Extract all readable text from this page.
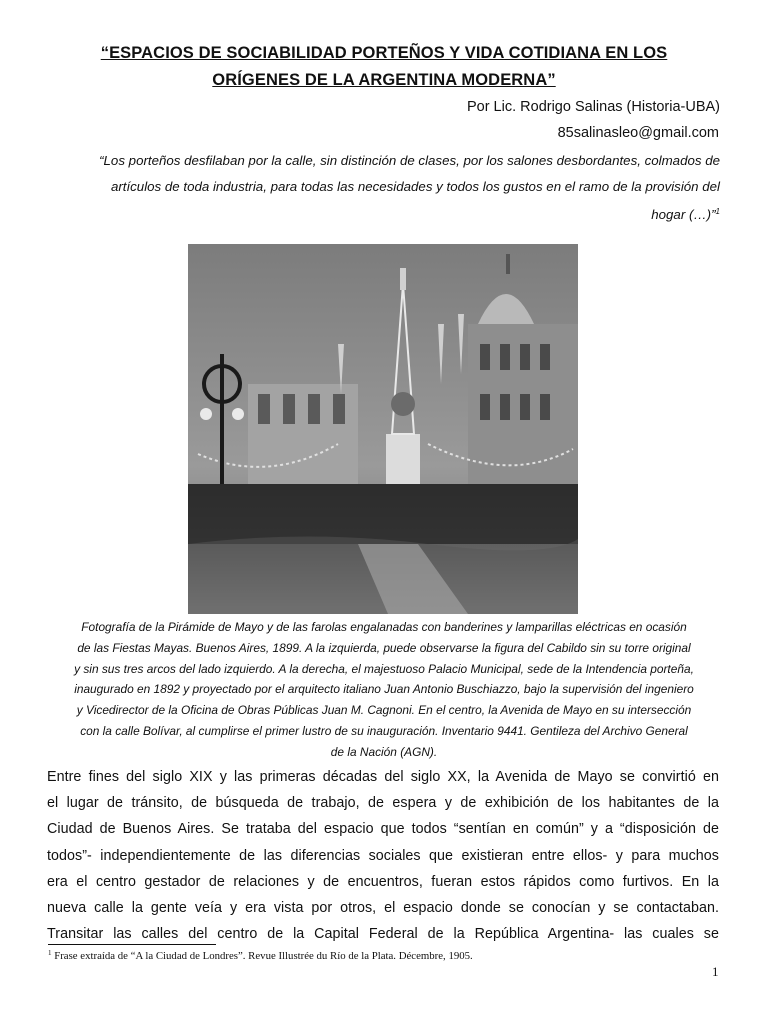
“ESPACIOS DE SOCIABILIDAD PORTEÑOS Y VIDA COTIDIANA EN LOS

ORÍGENES DE LA ARGENTINA MODERNA”
Por Lic. Rodrigo Salinas (Historia-UBA)
85salinasleo@gmail.com
“Los porteños desfilaban por la calle, sin distinción de clases, por los salones desbordantes, colmados de
artículos de toda industria, para todas las necesidades y todos los gustos en el ramo de la provisión del
hogar (…)”$^1$
Fotografía de la Pirámide de Mayo y de las farolas engalanadas con banderines y lamparillas eléctricas en ocasión
de las Fiestas Mayas. Buenos Aires, 1899. A la izquierda, puede observarse la figura del Cabildo sin su torre original
y sin sus tres arcos del lado izquierdo. A la derecha, el majestuoso Palacio Municipal, sede de la Intendencia porteña,
inaugurado en 1892 y proyectado por el arquitecto italiano Juan Antonio Buschiazzo, bajo la supervisión del ingeniero
y Vicedirector de la Oficina de Obras Públicas Juan M. Cagnoni. En el centro, la Avenida de Mayo en su intersección
con la calle Bolívar, al cumplirse el primer lustro de su inauguración. Inventario 9441. Gentileza del Archivo General
de la Nación (AGN).
Entre fines del siglo XIX y las primeras décadas del siglo XX, la Avenida de Mayo se convirtió en
el lugar de tránsito, de búsqueda de trabajo, de espera y de exhibición de los habitantes de la
Ciudad de Buenos Aires. Se trataba del espacio que todos “sentían en común” y a “disposición de
todos”- independientemente de las diferencias sociales que existieran entre ellos- y para muchos
era el centro gestador de relaciones y de encuentros, fueran estos rápidos como furtivos. En la
nueva calle la gente veía y era vista por otros, el espacio donde se conocían y se contactaban.
Transitar las calles del centro de la Capital Federal de la República Argentina- las cuales se
$^1$ Frase extraída de “A la Ciudad de Londres”. Revue Illustrée du Río de la Plata. Décembre, 1905.
1
